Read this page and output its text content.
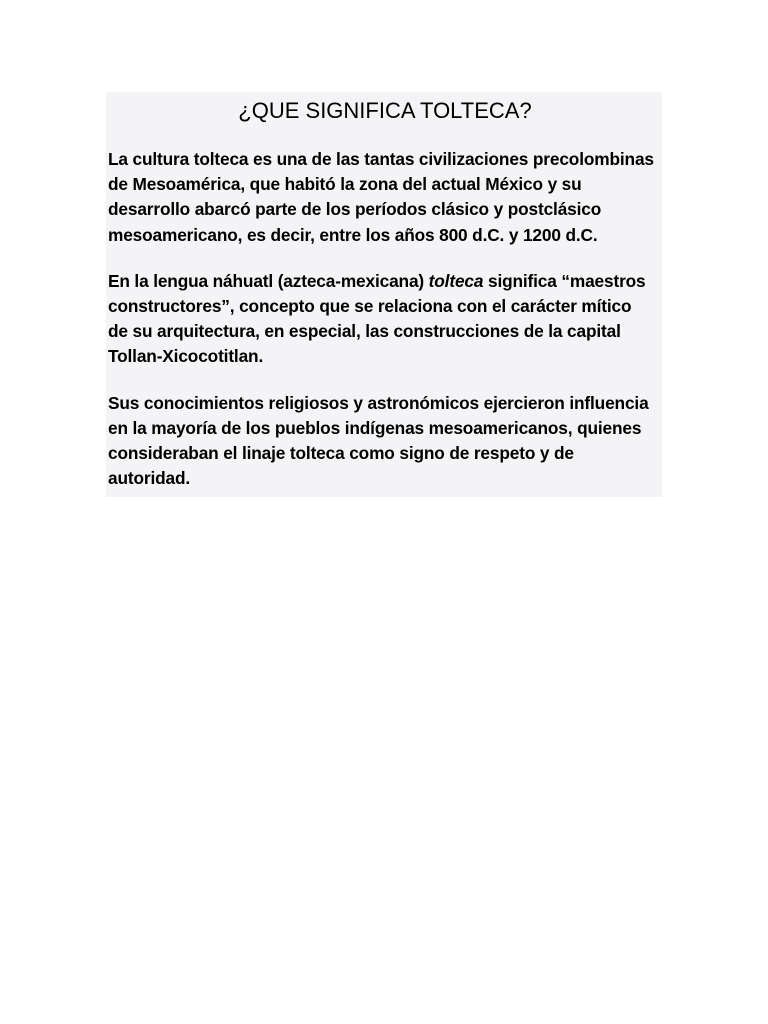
¿QUE SIGNIFICA TOLTECA?

La cultura tolteca es una de las tantas civilizaciones precolombinas
de Mesoamérica, que habitó la zona del actual México y su
desarrollo abarcó parte de los períodos clásico y postclásico
mesoamericano, es decir, entre los años 800 d.C. y 1200 d.C.

En la lengua náhuatl (azteca-mexicana) tolteca significa “maestros
constructores”, concepto que se relaciona con el carácter mítico
de su arquitectura, en especial, las construcciones de la capital
Tollan-Xicocotitlan.

Sus conocimientos religiosos y astronómicos ejercieron influencia
en la mayoría de los pueblos indígenas mesoamericanos, quienes
consideraban el linaje tolteca como signo de respeto y de
autoridad.
